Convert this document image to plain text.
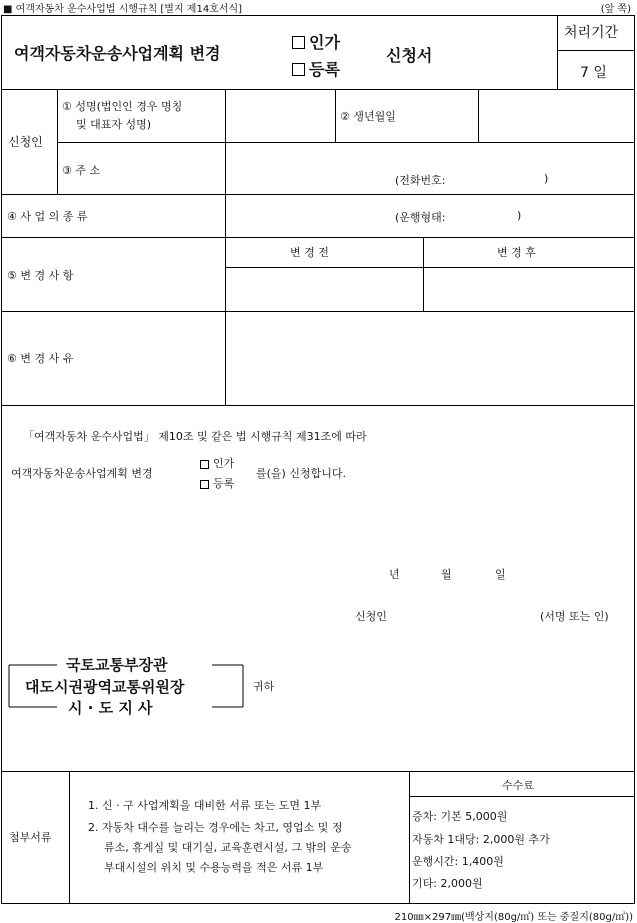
■ 여객자동차 운수사업법 시행규칙 [별지 제14호서식]	(앞 쪽)
여객자동차운송사업계획 변경
인가
등록
신청서
처리기간
7 일
신청인
① 성명(법인인 경우 명칭
및 대표자 성명)
② 생년월일
③ 주 소
(전화번호:	)
④ 사 업 의 종 류	(운행형태:	)
⑤ 변 경 사 항
변 경 전	변 경 후
⑥ 변 경 사 유
「여객자동차 운수사업법」 제10조 및 같은 법 시행규칙 제31조에 따라
여객자동차운송사업계획 변경
인가
등록
를(을) 신청합니다.
년	월	일
신청인	(서명 또는 인)
국토교통부장관
대도시권광역교통위원장
시 · 도 지 사
귀하
첨부서류
1. 신 · 구 사업계획을 대비한 서류 또는 도면 1부
2. 자동차 대수를 늘리는 경우에는 차고, 영업소 및 정
류소, 휴게실 및 대기실, 교육훈련시설, 그 밖의 운송
부대시설의 위치 및 수용능력을 적은 서류 1부
수수료
증차: 기본 5,000원
자동차 1대당: 2,000원 추가
운행시간: 1,400원
기타: 2,000원
210㎜×297㎜(백상지(80g/㎡) 또는 중질지(80g/㎡))
